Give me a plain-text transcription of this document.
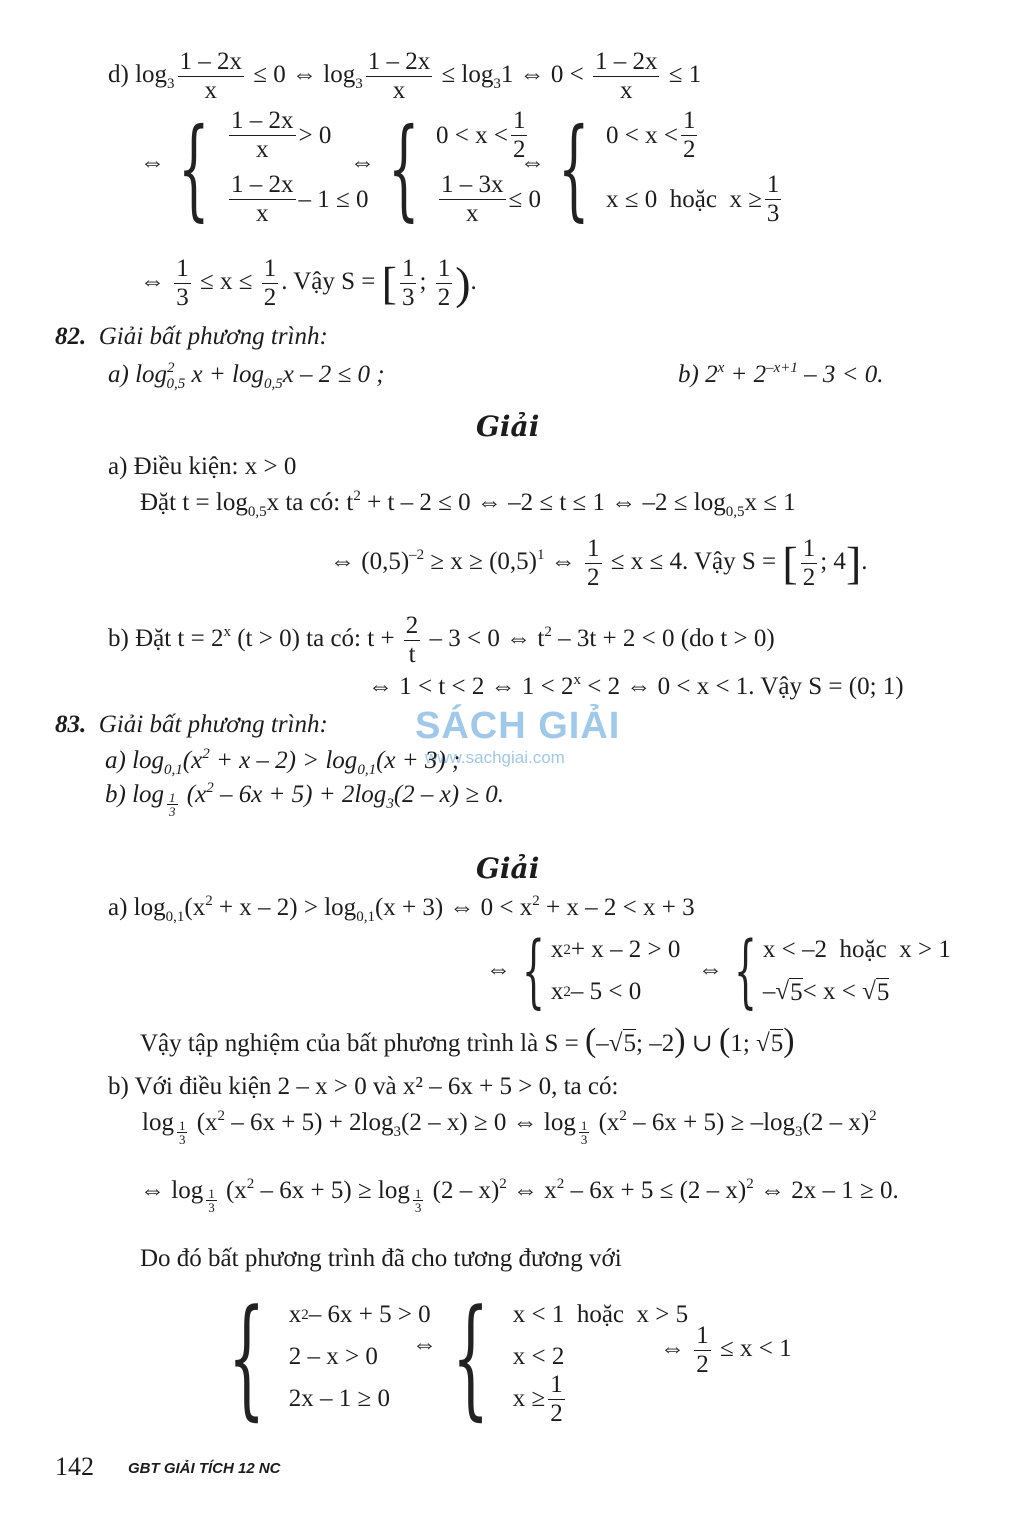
d) $\log_3 \frac{1 - 2x}{x} \le 0$ ⇔ $\log_3 \frac{1 - 2x}{x} \le \log_31$ ⇔ $0 < \frac{1 - 2x}{x} \le 1$
⇔ { $\frac{1 - 2x}{x} > 0$
$\frac{1 - 2x}{x} - 1 \le 0$
⇔ { $0 < x < \frac{1}{2}$
$\frac{1 - 3x}{x} \le 0$
⇔ { $0 < x < \frac{1}{2}$
x ≤ 0 hoặc $x \ge \frac{1}{3}$
⇔ $\frac{1}{3} \le x \le \frac{1}{2}$ . Vậy S = [ $\frac{1}{3}$ ; $\frac{1}{2}$ ).
82. Giải bất phương trình:
a) $\log^2_{0,5} x + \log_{0,5}x - 2 \le 0$ ;	b) $2^x + 2^{-x+1} - 3 < 0$.
Giải
a) Điều kiện: x > 0
Đặt $t = \log_{0,5}x$ ta có: $t^2 + t - 2 \le 0$ ⇔ –2 ≤ t ≤ 1 ⇔ $-2 \le \log_{0,5}x \le 1$
⇔ $(0,5)^{-2} \ge x \ge (0,5)^1$ ⇔ $\frac{1}{2} \le x \le 4$. Vậy S = [ $\frac{1}{2}$ ; 4].
b) Đặt $t = 2^x$ (t > 0) ta có: $t + \frac{2}{t} - 3 < 0$ ⇔ $t^2 - 3t + 2 < 0$ (do t > 0)
⇔ 1 < t < 2 ⇔ $1 < 2^x < 2$ ⇔ 0 < x < 1. Vậy S = (0; 1)
SÁCH GIẢI
www.sachgiai.com
83. Giải bất phương trình:
a) $\log_{0,1}(x^2 + x - 2) > \log_{0,1}(x + 3)$ ;
b) log $_{\frac{1}{3}}$ $(x^2 - 6x + 5) + 2\log_3(2 - x) \ge 0$.
Giải
a) $\log_{0,1}(x^2 + x - 2) > \log_{0,1}(x + 3)$ ⇔ $0 < x^2 + x - 2 < x + 3$
⇔ { x 2 + x – 2 > 0
x 2 – 5 < 0
⇔ { x < –2 hoặc x > 1
–√ 5 < x < √ 5
Vậy tập nghiệm của bất phương trình là S = (–√5; –2) ∪ (1; √5)
b) Với điều kiện 2 – x > 0 và x² – 6x + 5 > 0, ta có:
log $_{\frac{1}{3}}$ $(x^2 - 6x + 5) + 2\log_3(2 - x) \ge 0$ ⇔ log $_{\frac{1}{3}}$ $(x^2 - 6x + 5) \ge -\log_3(2 - x)^2$
⇔ log $_{\frac{1}{3}}$ $(x^2 - 6x + 5) \ge \log _{\frac{1}{3}}$ (2 – x)$^2$ ⇔ $x^2 - 6x + 5 \le (2 - x)^2$ ⇔ 2x – 1 ≥ 0.
Do đó bất phương trình đã cho tương đương với
{ x 2 – 6x + 5 > 0
2 – x > 0
2x – 1 ≥ 0
⇔ { x < 1 hoặc x > 5
x < 2
$x \ge \frac{1}{2}$
⇔ $\frac{1}{2} \le x < 1$
142 GBT GIẢI TÍCH 12 NC
